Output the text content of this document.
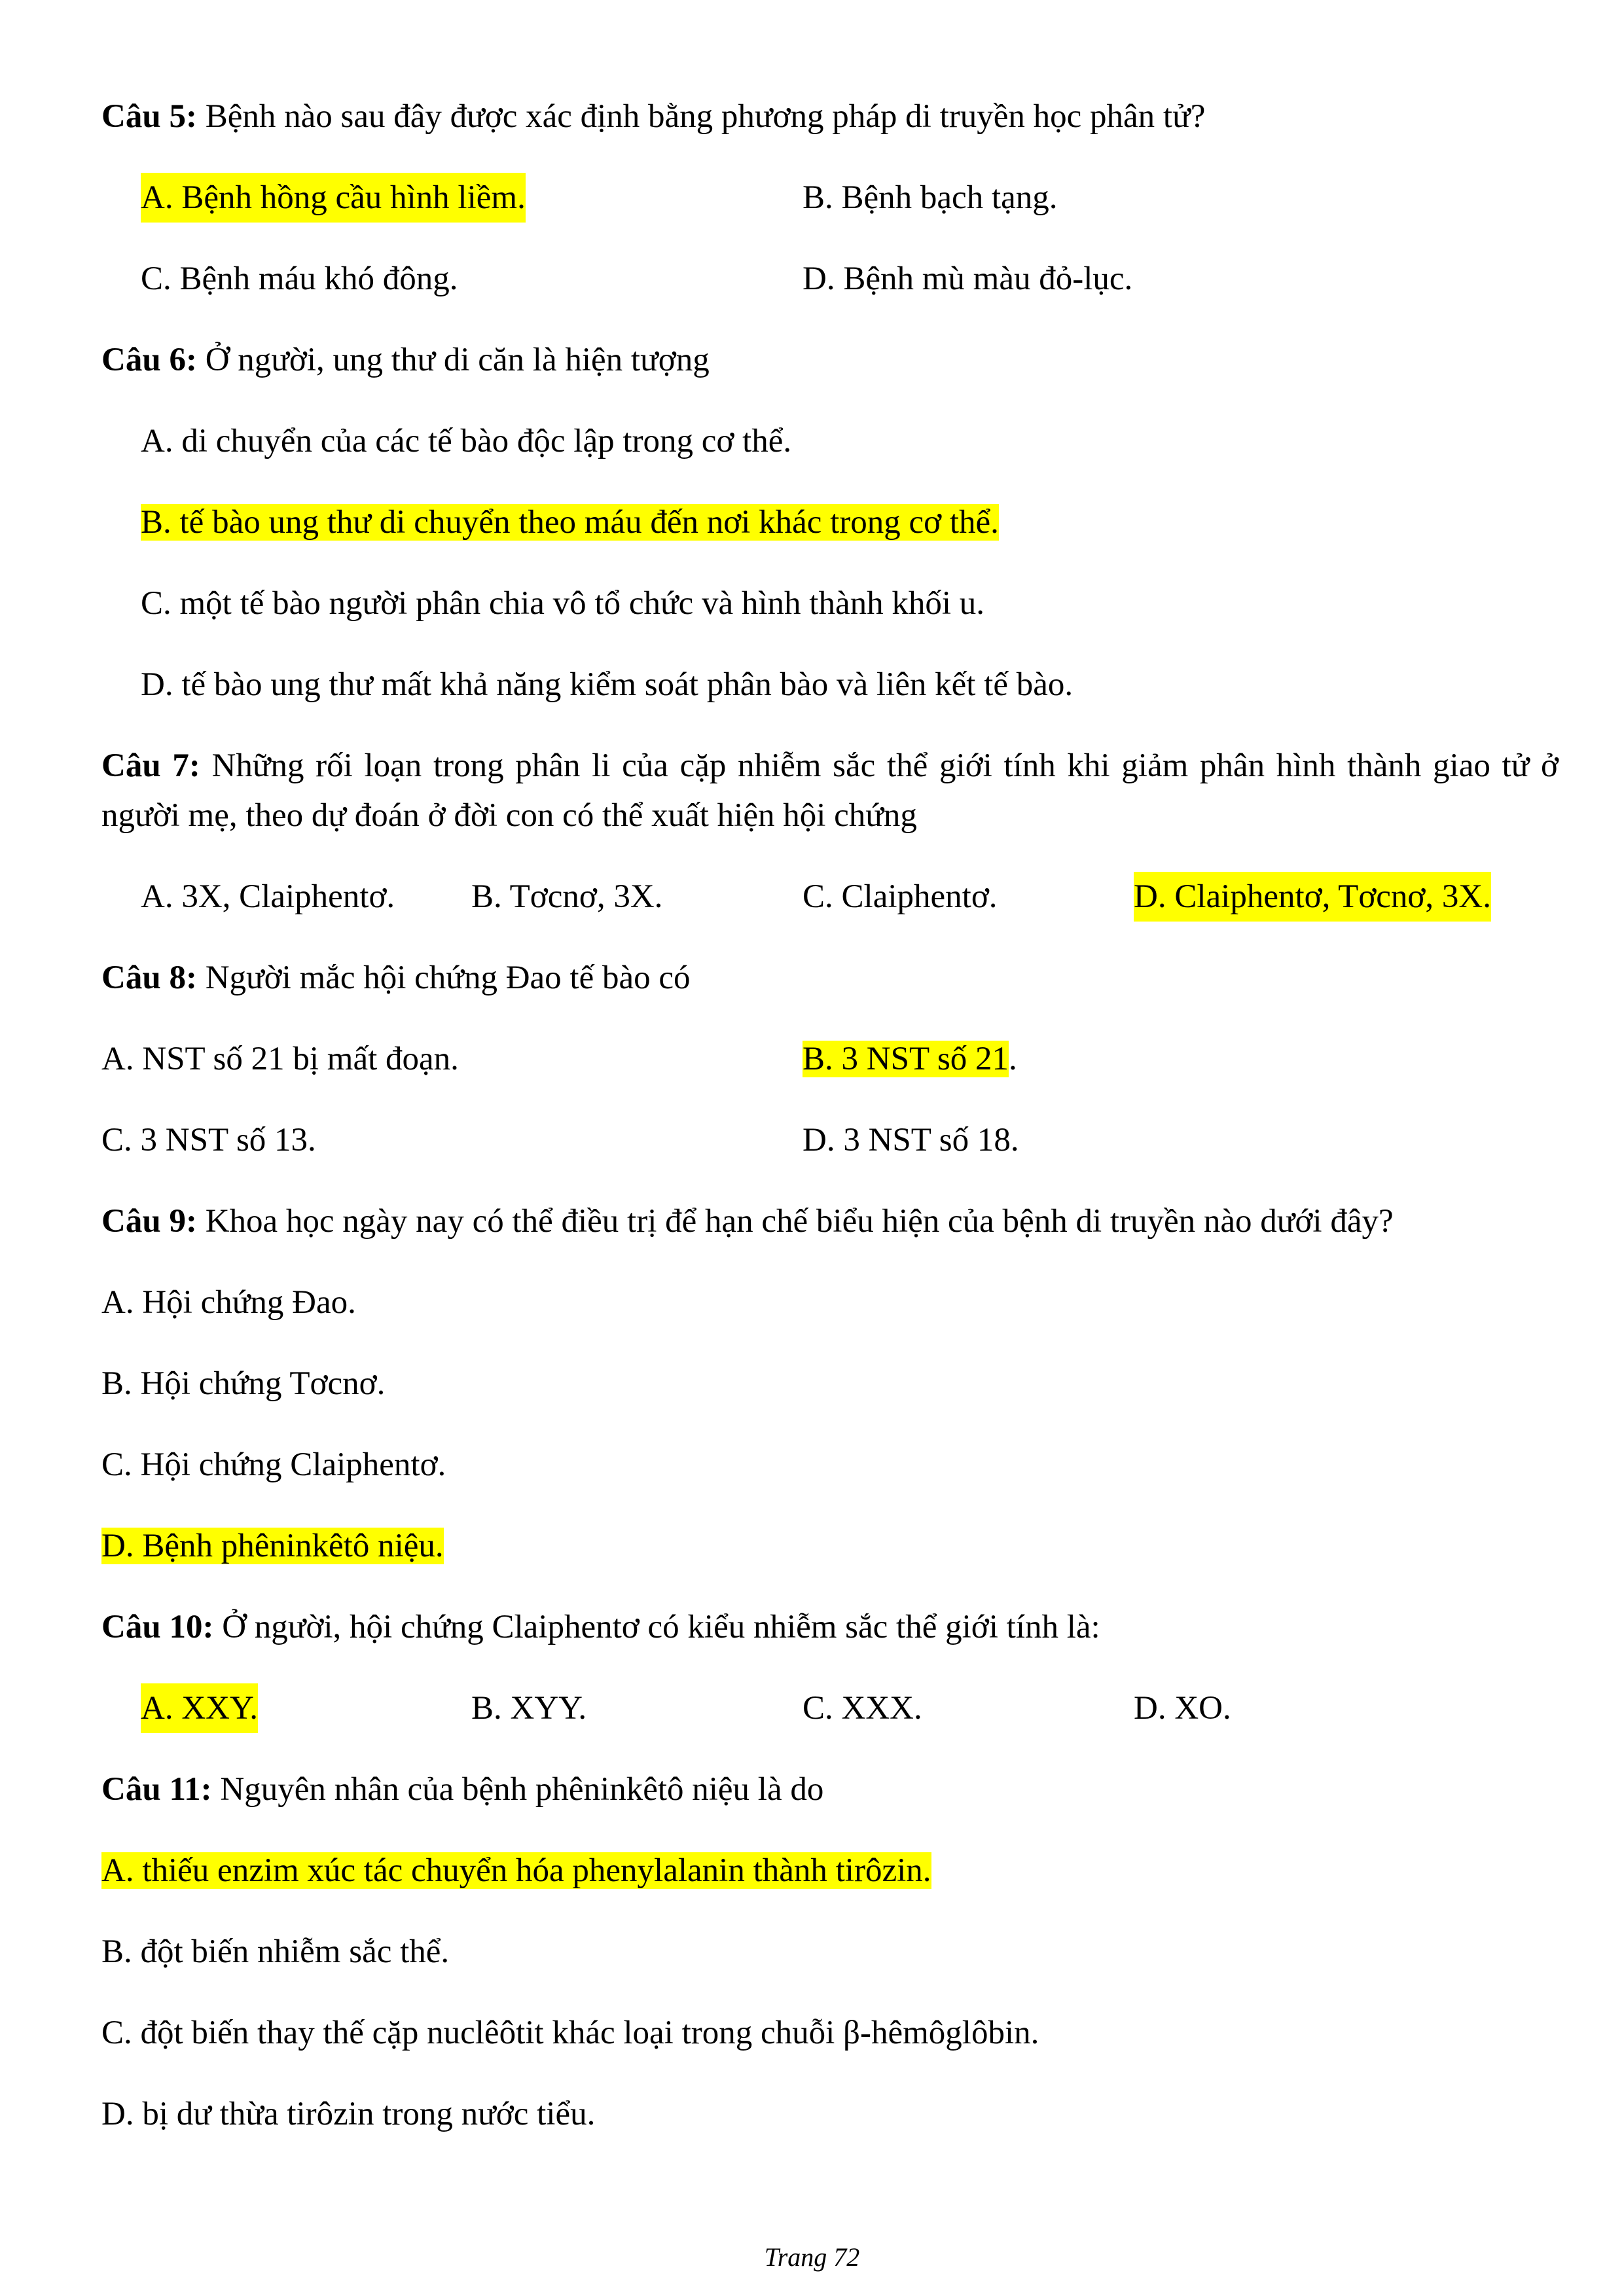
Câu 5: Bệnh nào sau đây được xác định bằng phương pháp di truyền học phân tử?

A. Bệnh hồng cầu hình liềm.	B. Bệnh bạch tạng.
C. Bệnh máu khó đông.	D. Bệnh mù màu đỏ-lục.

Câu 6: Ở người, ung thư di căn là hiện tượng

A. di chuyển của các tế bào độc lập trong cơ thể.
B. tế bào ung thư di chuyển theo máu đến nơi khác trong cơ thể.
C. một tế bào người phân chia vô tổ chức và hình thành khối u.
D. tế bào ung thư mất khả năng kiểm soát phân bào và liên kết tế bào.

Câu 7: Những rối loạn trong phân li của cặp nhiễm sắc thể giới tính khi giảm phân hình thành giao tử ở người mẹ, theo dự đoán ở đời con có thể xuất hiện hội chứng

A. 3X, Claiphentơ. B. Tơcnơ, 3X.	C. Claiphentơ.	D. Claiphentơ, Tơcnơ, 3X.

Câu 8: Người mắc hội chứng Đao tế bào có

A. NST số 21 bị mất đoạn.	B. 3 NST số 21.
C. 3 NST số 13.	D. 3 NST số 18.

Câu 9: Khoa học ngày nay có thể điều trị để hạn chế biểu hiện của bệnh di truyền nào dưới đây?

A. Hội chứng Đao.
B. Hội chứng Tơcnơ.
C. Hội chứng Claiphentơ.
D. Bệnh phêninkêtô niệu.

Câu 10: Ở người, hội chứng Claiphentơ có kiểu nhiễm sắc thể giới tính là:

A. XXY.	B. XYY.	C. XXX.	D. XO.

Câu 11: Nguyên nhân của bệnh phêninkêtô niệu là do

A. thiếu enzim xúc tác chuyển hóa phenylalanin thành tirôzin.
B. đột biến nhiễm sắc thể.
C. đột biến thay thế cặp nuclêôtit khác loại trong chuỗi β-hêmôglôbin.
D. bị dư thừa tirôzin trong nước tiểu.
Trang 72
